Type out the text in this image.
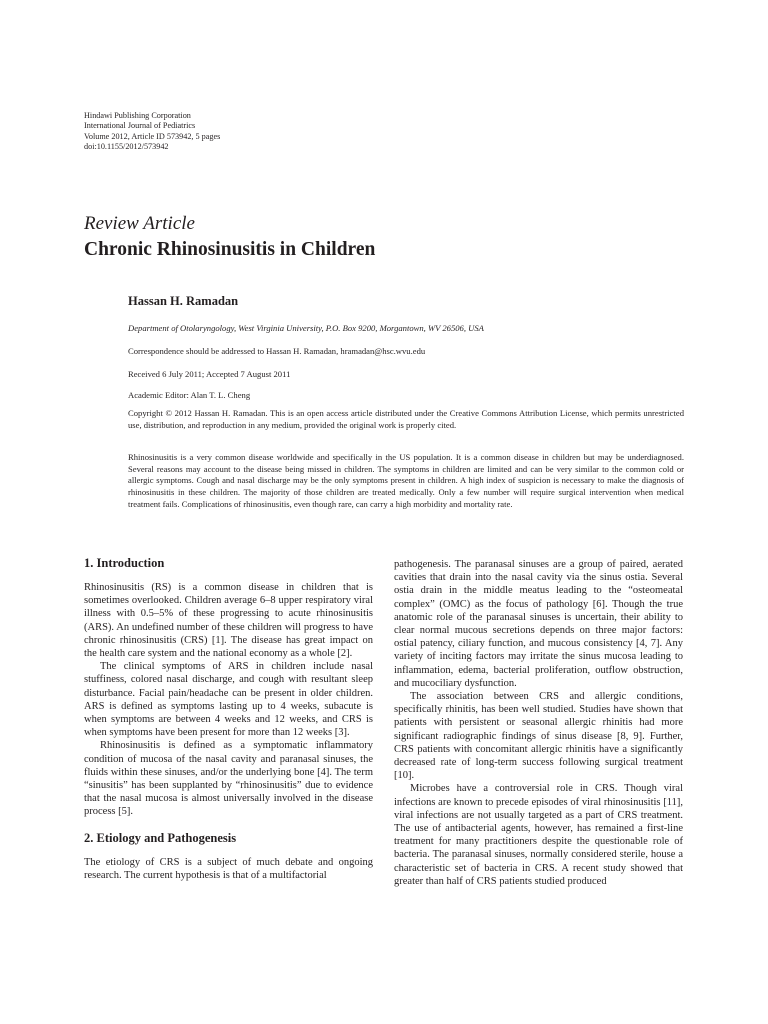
Hindawi Publishing Corporation
International Journal of Pediatrics
Volume 2012, Article ID 573942, 5 pages
doi:10.1155/2012/573942
Review Article
Chronic Rhinosinusitis in Children
Hassan H. Ramadan
Department of Otolaryngology, West Virginia University, P.O. Box 9200, Morgantown, WV 26506, USA
Correspondence should be addressed to Hassan H. Ramadan, hramadan@hsc.wvu.edu
Received 6 July 2011; Accepted 7 August 2011
Academic Editor: Alan T. L. Cheng
Copyright © 2012 Hassan H. Ramadan. This is an open access article distributed under the Creative Commons Attribution License, which permits unrestricted use, distribution, and reproduction in any medium, provided the original work is properly cited.
Rhinosinusitis is a very common disease worldwide and specifically in the US population. It is a common disease in children but may be underdiagnosed. Several reasons may account to the disease being missed in children. The symptoms in children are limited and can be very similar to the common cold or allergic symptoms. Cough and nasal discharge may be the only symptoms present in children. A high index of suspicion is necessary to make the diagnosis of rhinosinusitis in these children. The majority of those children are treated medically. Only a few number will require surgical intervention when medical treatment fails. Complications of rhinosinusitis, even though rare, can carry a high morbidity and mortality rate.
1. Introduction

Rhinosinusitis (RS) is a common disease in children that is sometimes overlooked. Children average 6–8 upper respiratory viral illness with 0.5–5% of these progressing to acute rhinosinusitis (ARS). An undefined number of these children will progress to have chronic rhinosinusitis (CRS) [1]. The disease has great impact on the health care system and the national economy as a whole [2].

The clinical symptoms of ARS in children include nasal stuffiness, colored nasal discharge, and cough with resultant sleep disturbance. Facial pain/headache can be present in older children. ARS is defined as symptoms lasting up to 4 weeks, subacute is when symptoms are between 4 weeks and 12 weeks, and CRS is when symptoms have been present for more than 12 weeks [3].

Rhinosinusitis is defined as a symptomatic inflammatory condition of mucosa of the nasal cavity and paranasal sinuses, the fluids within these sinuses, and/or the underlying bone [4]. The term “sinusitis” has been supplanted by “rhinosinusitis” due to evidence that the nasal mucosa is almost universally involved in the disease process [5].

2. Etiology and Pathogenesis

The etiology of CRS is a subject of much debate and ongoing research. The current hypothesis is that of a multifactorial

pathogenesis. The paranasal sinuses are a group of paired, aerated cavities that drain into the nasal cavity via the sinus ostia. Several ostia drain in the middle meatus leading to the “osteomeatal complex” (OMC) as the focus of pathology [6]. Though the true anatomic role of the paranasal sinuses is uncertain, their ability to clear normal mucous secretions depends on three major factors: ostial patency, ciliary function, and mucous consistency [4, 7]. Any variety of inciting factors may irritate the sinus mucosa leading to inflammation, edema, bacterial proliferation, outflow obstruction, and mucociliary dysfunction.

The association between CRS and allergic conditions, specifically rhinitis, has been well studied. Studies have shown that patients with persistent or seasonal allergic rhinitis had more significant radiographic findings of sinus disease [8, 9]. Further, CRS patients with concomitant allergic rhinitis have a significantly decreased rate of long-term success following surgical treatment [10].

Microbes have a controversial role in CRS. Though viral infections are known to precede episodes of viral rhinosinusitis [11], viral infections are not usually targeted as a part of CRS treatment. The use of antibacterial agents, however, has remained a first-line treatment for many practitioners despite the questionable role of bacteria. The paranasal sinuses, normally considered sterile, house a characteristic set of bacteria in CRS. A recent study showed that greater than half of CRS patients studied produced
